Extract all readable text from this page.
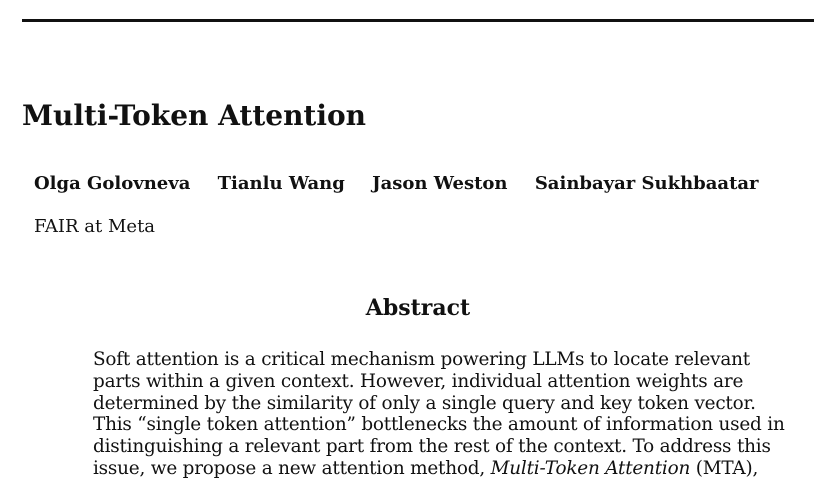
Multi-Token Attention
Olga Golovneva Tianlu Wang Jason Weston Sainbayar Sukhbaatar
FAIR at Meta
Abstract
Soft attention is a critical mechanism powering LLMs to locate relevant
parts within a given context. However, individual attention weights are
determined by the similarity of only a single query and key token vector.
This “single token attention” bottlenecks the amount of information used in
distinguishing a relevant part from the rest of the context. To address this
issue, we propose a new attention method, Multi-Token Attention (MTA),
